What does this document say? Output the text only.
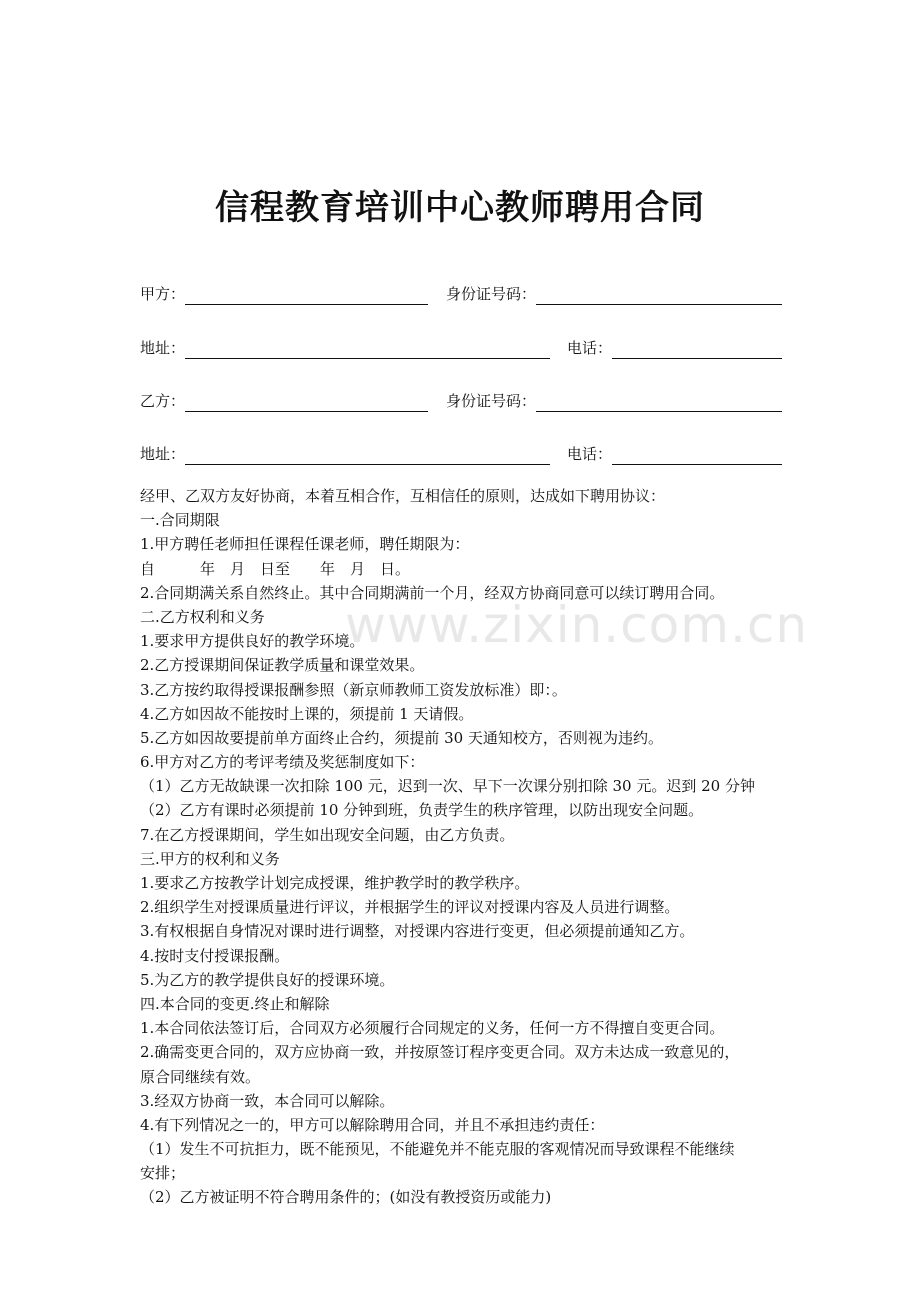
信程教育培训中心教师聘用合同
甲方：	身份证号码：
地址：	电话：
乙方：	身份证号码：
地址：	电话：
经甲、乙双方友好协商，本着互相合作，互相信任的原则，达成如下聘用协议：
一.合同期限
1.甲方聘任老师担任课程任课老师，聘任期限为：
自　　　年　月　日至　　年　月　日。
2.合同期满关系自然终止。其中合同期满前一个月，经双方协商同意可以续订聘用合同。
二.乙方权利和义务
1.要求甲方提供良好的教学环境。
2.乙方授课期间保证教学质量和课堂效果。
3.乙方按约取得授课报酬参照（新京师教师工资发放标准）即：。
4.乙方如因故不能按时上课的，须提前 1 天请假。
5.乙方如因故要提前单方面终止合约，须提前 30 天通知校方，否则视为违约。
6.甲方对乙方的考评考绩及奖惩制度如下：
（1）乙方无故缺课一次扣除 100 元，迟到一次、早下一次课分别扣除 30 元。迟到 20 分钟
（2）乙方有课时必须提前 10 分钟到班，负责学生的秩序管理，以防出现安全问题。
7.在乙方授课期间，学生如出现安全问题，由乙方负责。
三.甲方的权利和义务
1.要求乙方按教学计划完成授课，维护教学时的教学秩序。
2.组织学生对授课质量进行评议，并根据学生的评议对授课内容及人员进行调整。
3.有权根据自身情况对课时进行调整，对授课内容进行变更，但必须提前通知乙方。
4.按时支付授课报酬。
5.为乙方的教学提供良好的授课环境。
四.本合同的变更.终止和解除
1.本合同依法签订后，合同双方必须履行合同规定的义务，任何一方不得擅自变更合同。
2.确需变更合同的，双方应协商一致，并按原签订程序变更合同。双方未达成一致意见的，
原合同继续有效。
3.经双方协商一致，本合同可以解除。
4.有下列情况之一的，甲方可以解除聘用合同，并且不承担违约责任：
（1）发生不可抗拒力，既不能预见，不能避免并不能克服的客观情况而导致课程不能继续
安排；
（2）乙方被证明不符合聘用条件的；(如没有教授资历或能力)
www.zixin.com.cn
